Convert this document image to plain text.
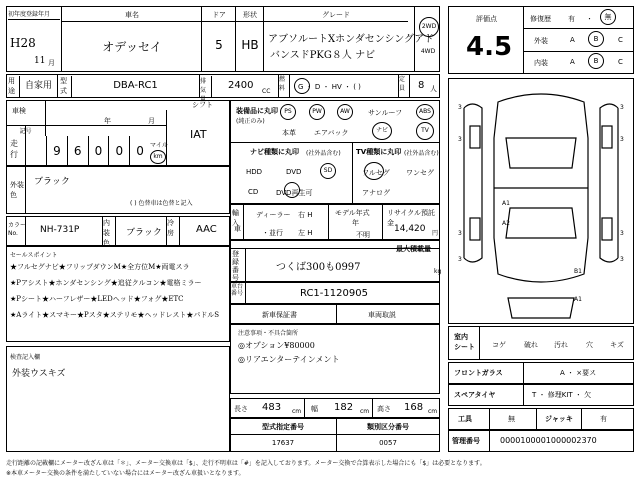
初年度登録年月
H28
11 月
車名
オデッセイ
ドア
5
形状
HB
グレード
アブソルートXホンダセンシングアド
バンスドPKG８人 ナビ
2WD
4WD
用途	自家用	型式	DBA-RC1	排気量
2400
CC
燃料	G ・ D ・ HV ・ ( )
定員	8 人
車検
年	月
シフト
IAT
記号
走行	9	6	0	0	0	マイル
km
装備品に丸印
(純正のみ)
PS	PW	AW	サンルーフ	ABS
本革	エアバック	ナビ	TV
ナビ種類に丸印 (社外品含む)
HDD	DVD	SD
CD	DVD再生可
TV種類に丸印 (社外品含む)
フルセグ ワンセグ
アナログ
外装色
ブラック
( ) 色替車は色替と記入
カラー
No.	NH-731P
内装色
ブラック
冷房	AAC
輸入
車
ディーラー
・並行
右 H
左 H
モデル年式
年
不明
リサイクル預託金
14,420 円
セールスポイント
★フルセグナビ★フリップダウンM★全方位M★両電スラ
★Pアシスト★ホンダセンシング★追従クルコン★電格ミラー
★Pシート★ハーフレザー★LEDヘッド★フォグ★ETC
★Aライト★スマキー★Pスタ★ステリモ★ヘッドレスト★パドルS
最大積載量
kg
登録番号
つくば300も0997
車台番号	RC1-1120905
新車保証書	車両取説
注意事項・不具合箇所
◎オプション¥80000
◎リアエンターテインメント
検査記入欄
外装ウスキズ
長さ 483 cm	幅 182 cm	高さ 168 cm
型式指定番号
17637
類別区分番号
0057
評価点
4.5
修復歴 有 ・	無
外装	A	B	C
内装	A	B	C
3	3
3	3
3	3
3	3
A1
A2
B1
A1
室内
シート	コゲ	破れ 汚れ	穴 キズ
フロントガラス	A ・ ×要ス
スペアタイヤ	T ・ 修理KIT ・ 欠
工具	無	ジャッキ	有
管理番号	0000100001000002370
走行距離の記載欄にメーター改ざん車は「＊」、メーター交換車は「$」、走行不明車は「#」を記入しております。メーター交換で合算表示した場合にも「$」は必要となります。
※本車メーター交換の条件を満たしていない場合にはメーター改ざん車扱いとなります。
